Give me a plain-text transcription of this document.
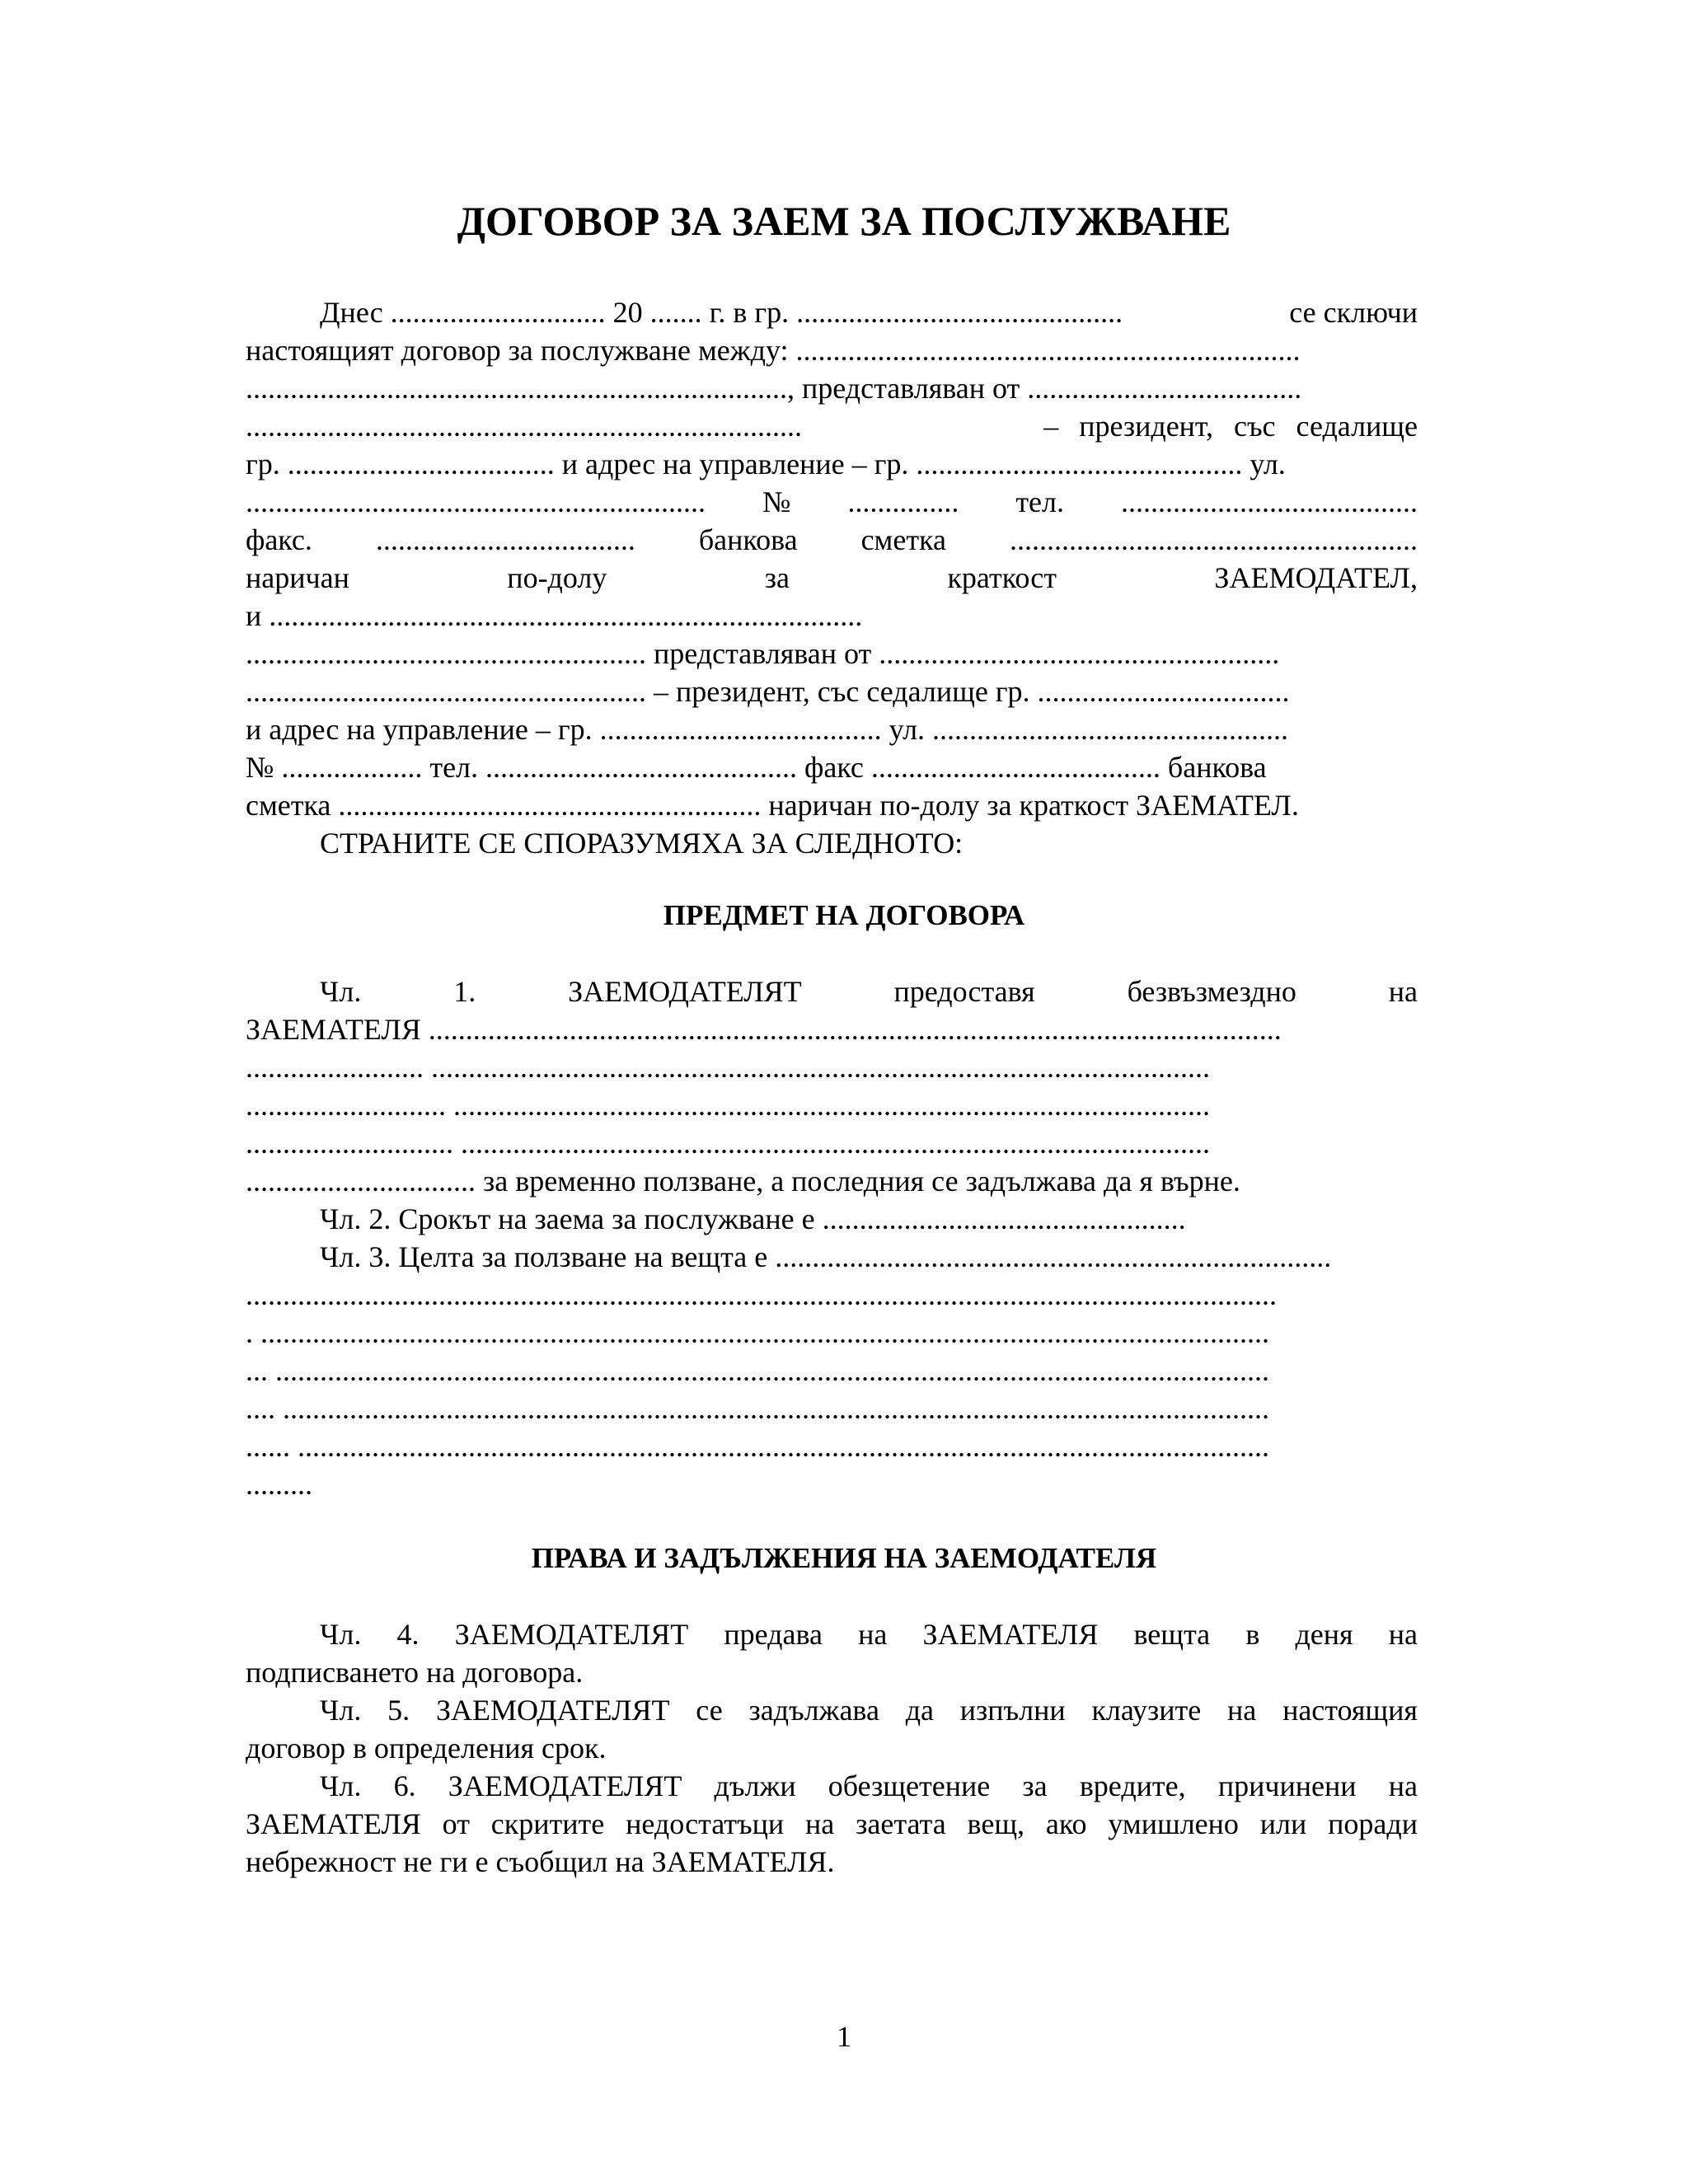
ДОГОВОР ЗА ЗАЕМ ЗА ПОСЛУЖВАНЕ
Днес ............................. 20 ....... г. в гр. ............................................	се сключи
настоящият договор за послужване между: ....................................................................
........................................................................., представляван от .....................................
...........................................................................	– президент, със седалище
гр. .................................... и адрес на управление – гр. ............................................ ул.
.............................................................. № ............... тел. ........................................
факс. ................................... банкова сметка .......................................................
наричан	по-долу	за	краткост	ЗАЕМОДАТЕЛ,
и ................................................................................
...................................................... представляван от ......................................................
...................................................... – президент, със седалище гр. ..................................
и адрес на управление – гр. ...................................... ул. ................................................
№ ................... тел. .......................................... факс ....................................... банкова
сметка ......................................................... наричан по-долу за краткост ЗАЕМАТЕЛ.
СТРАНИТЕ СЕ СПОРАЗУМЯХА ЗА СЛЕДНОТО:
ПРЕДМЕТ НА ДОГОВОРА
Чл.	1.	ЗАЕМОДАТЕЛЯТ	предоставя	безвъзмездно	на
ЗАЕМАТЕЛЯ ...................................................................................................................
........................ .........................................................................................................
........................... ......................................................................................................
............................ .....................................................................................................
............................... за временно ползване, а последния се задължава да я върне.
Чл. 2. Срокът на заема за послужване е .................................................
Чл. 3. Целта за ползване на вещта е ...........................................................................
...........................................................................................................................................
. ........................................................................................................................................
... ......................................................................................................................................
.... .....................................................................................................................................
...... ...................................................................................................................................
.........
ПРАВА И ЗАДЪЛЖЕНИЯ НА ЗАЕМОДАТЕЛЯ
Чл. 4. ЗАЕМОДАТЕЛЯТ предава на ЗАЕМАТЕЛЯ вещта в деня на
подписването на договора.
Чл. 5. ЗАЕМОДАТЕЛЯТ се задължава да изпълни клаузите на настоящия
договор в определения срок.
Чл. 6. ЗАЕМОДАТЕЛЯТ дължи обезщетение за вредите, причинени на
ЗАЕМАТЕЛЯ от скритите недостатъци на заетата вещ, ако умишлено или поради
небрежност не ги е съобщил на ЗАЕМАТЕЛЯ.
1
